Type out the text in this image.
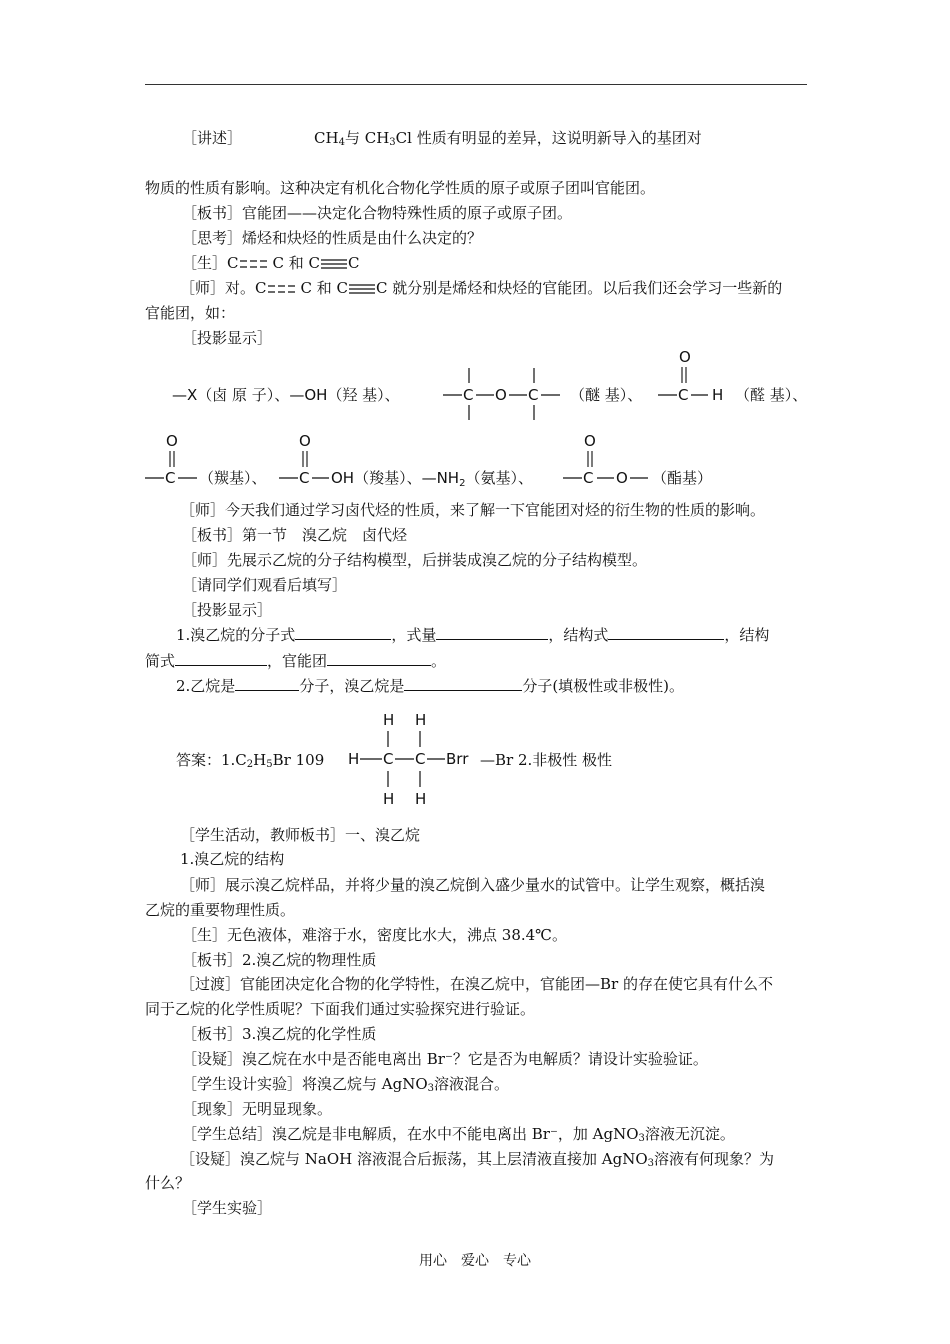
［讲述］	$CH_4$与 $CH_3Cl$ 性质有明显的差异，这说明新导入的基团对
物质的性质有影响。这种决定有机化合物化学性质的原子或原子团叫官能团。
［板书］官能团——决定化合物特殊性质的原子或原子团。
［思考］烯烃和炔烃的性质是由什么决定的？
［生］C C 和 C C
［师］对。C C 和 C C 就分别是烯烃和炔烃的官能团。以后我们还会学习一些新的
官能团，如：
［投影显示］
—X（卤 原 子）、—OH（羟 基）、	C O C （醚 基）、 C
O
H （醛 基）、
O
C （羰基）、
O
C OH（羧基）、$—NH_2$（氨基）、
O
C O （酯基）
［师］今天我们通过学习卤代烃的性质，来了解一下官能团对烃的衍生物的性质的影响。
［板书］第一节　溴乙烷　卤代烃
［师］先展示乙烷的分子结构模型，后拼装成溴乙烷的分子结构模型。
［请同学们观看后填写］
［投影显示］
1.溴乙烷的分子式	，式量	，结构式	，结构
简式	，官能团	。
2.乙烷是	分子，溴乙烷是	分子(填极性或非极性)。
答案：$1.C_2H_5Br$ 109
H H
H C C Brr
H H
—Br 2.非极性 极性
［学生活动，教师板书］一、溴乙烷
1.溴乙烷的结构
［师］展示溴乙烷样品，并将少量的溴乙烷倒入盛少量水的试管中。让学生观察，概括溴
乙烷的重要物理性质。
［生］无色液体，难溶于水，密度比水大，沸点 38.4℃。
［板书］2.溴乙烷的物理性质
［过渡］官能团决定化合物的化学特性，在溴乙烷中，官能团—Br 的存在使它具有什么不
同于乙烷的化学性质呢？下面我们通过实验探究进行验证。
［板书］3.溴乙烷的化学性质
［设疑］溴乙烷在水中是否能电离出 Br⁻？它是否为电解质？请设计实验验证。
［学生设计实验］将溴乙烷与 AgNO$_3$溶液混合。
［现象］无明显现象。
［学生总结］溴乙烷是非电解质，在水中不能电离出 Br⁻，加 AgNO$_3$溶液无沉淀。
［设疑］溴乙烷与 NaOH 溶液混合后振荡，其上层清液直接加 AgNO$_3$溶液有何现象？为
什么？
［学生实验］
用心　爱心　专心
